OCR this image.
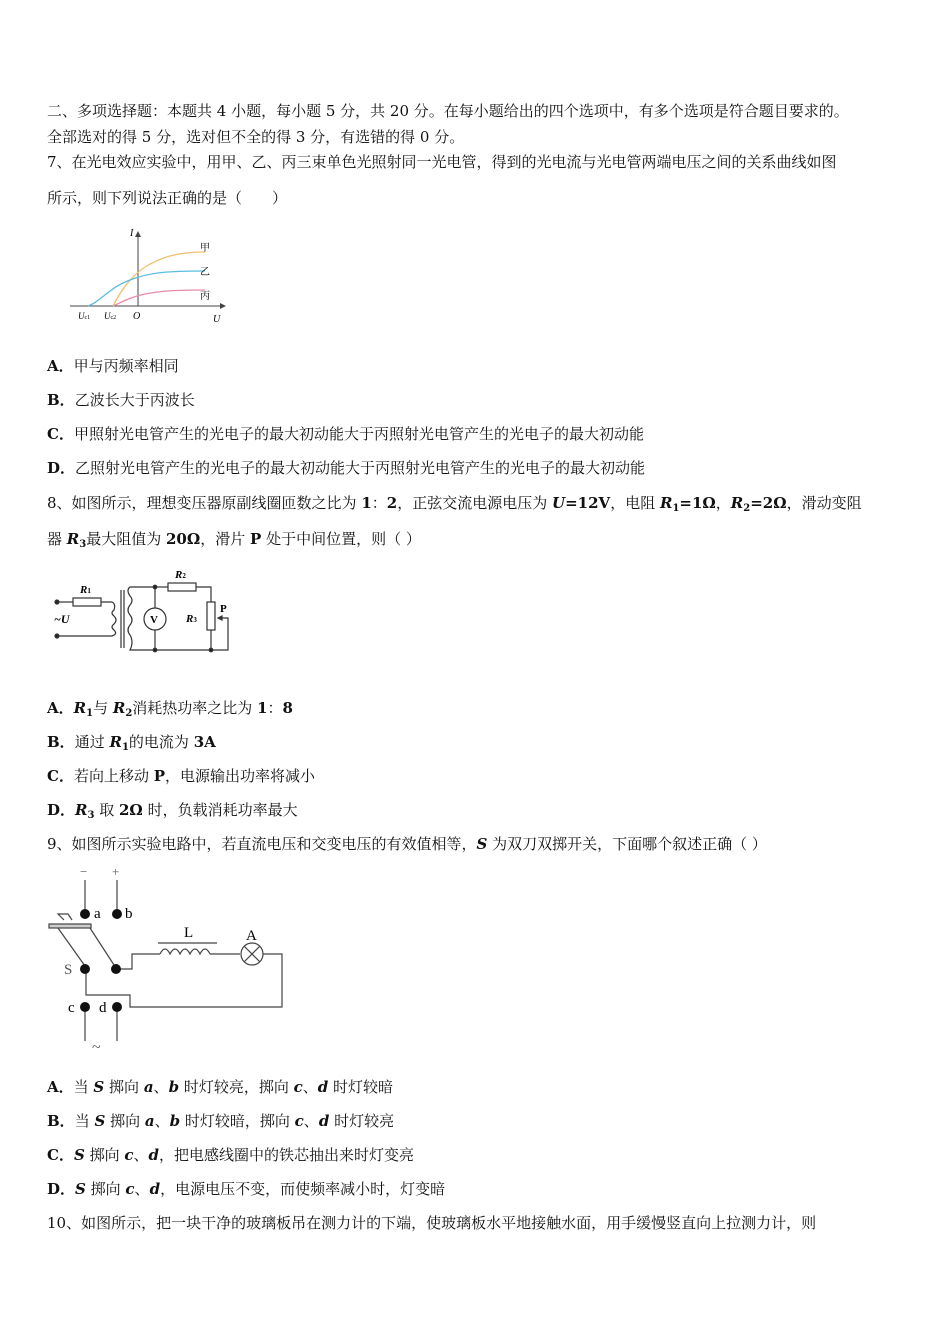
二、多项选择题：本题共 4 小题，每小题 5 分，共 20 分。在每小题给出的四个选项中，有多个选项是符合题目要求的。
全部选对的得 5 分，选对但不全的得 3 分，有选错的得 0 分。
7、在光电效应实验中，用甲、乙、丙三束单色光照射同一光电管，得到的光电流与光电管两端电压之间的关系曲线如图
所示，则下列说法正确的是（　　）
A．甲与丙频率相同
B．乙波长大于丙波长
C．甲照射光电管产生的光电子的最大初动能大于丙照射光电管产生的光电子的最大初动能
D．乙照射光电管产生的光电子的最大初动能大于丙照射光电管产生的光电子的最大初动能
8、如图所示，理想变压器原副线圈匝数之比为 1：2，正弦交流电源电压为 U=12V，电阻 $R_1=1\Omega$，$R_2=2\Omega$，滑动变阻
器 $R_3$最大阻值为 20Ω，滑片 P 处于中间位置，则（ ）
A．$R_1$与 $R_2$消耗热功率之比为 1：8
B．通过 $R_1$的电流为 3A
C．若向上移动 P，电源输出功率将减小
D．$R_3$ 取 2Ω 时，负载消耗功率最大
9、如图所示实验电路中，若直流电压和交变电压的有效值相等，S 为双刀双掷开关，下面哪个叙述正确（ ）
A．当 S 掷向 a、b 时灯较亮，掷向 c、d 时灯较暗
B．当 S 掷向 a、b 时灯较暗，掷向 c、d 时灯较亮
C．S 掷向 c、d，把电感线圈中的铁芯抽出来时灯变亮
D．S 掷向 c、d，电源电压不变，而使频率减小时，灯变暗
10、如图所示，把一块干净的玻璃板吊在测力计的下端，使玻璃板水平地接触水面，用手缓慢竖直向上拉测力计，则
I
U
O
Uc1 Uc2
甲
乙
丙
V
R1
R2
R3
~U
P
− +
a b
S
c d
L	A
~
